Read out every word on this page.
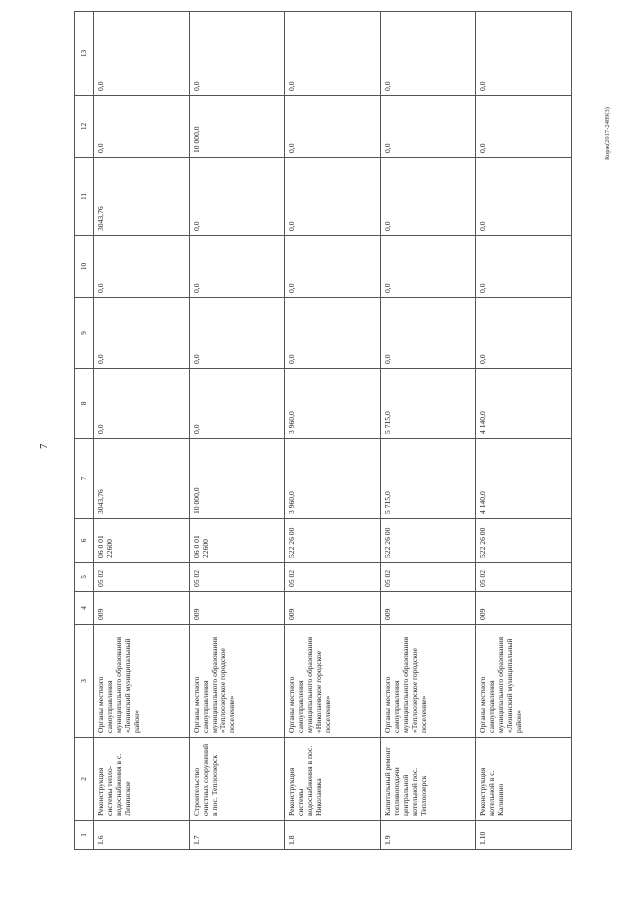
7
Корж(2017-2489(3)
1	2	3	4	5	6	7	8	9	10	11	12	13
1.6	Реконструкция системы тепло-водоснабжения в с. Ленинское	Органы местного самоуправления муниципального образования «Ленинский муниципальный район»	009	05 02	06 0 01 22600	3043,76	0,0	0,0	0,0	3043,76	0,0	0,0
1.7	Строительство очистных сооружений в пос. Теплоозерск	Органы местного самоуправления муниципального образования «Теплоозерское городское поселение»	009	05 02	06 0 01 22600	10 000,0	0,0	0,0	0,0	0,0	10 000,0	0,0
1.8	Реконструкция системы водоснабжения в пос. Николаевка	Органы местного самоуправления муниципального образования «Николаевское городское поселение»	009	05 02	522 26 00	3 960,0	3 960,0	0,0	0,0	0,0	0,0	0,0
1.9	Капитальный ремонт топливоподачи центральной котельной пос. Теплоозерск	Органы местного самоуправления муниципального образования «Теплоозерское городское поселение»	009	05 02	522 26 00	5 715,0	5 715,0	0,0	0,0	0,0	0,0	0,0
1.10	Реконструкция котельной в с. Калинино	Органы местного самоуправления муниципального образования «Ленинский муниципальный район»	009	05 02	522 26 00	4 140,0	4 140,0	0,0	0,0	0,0	0,0	0,0
